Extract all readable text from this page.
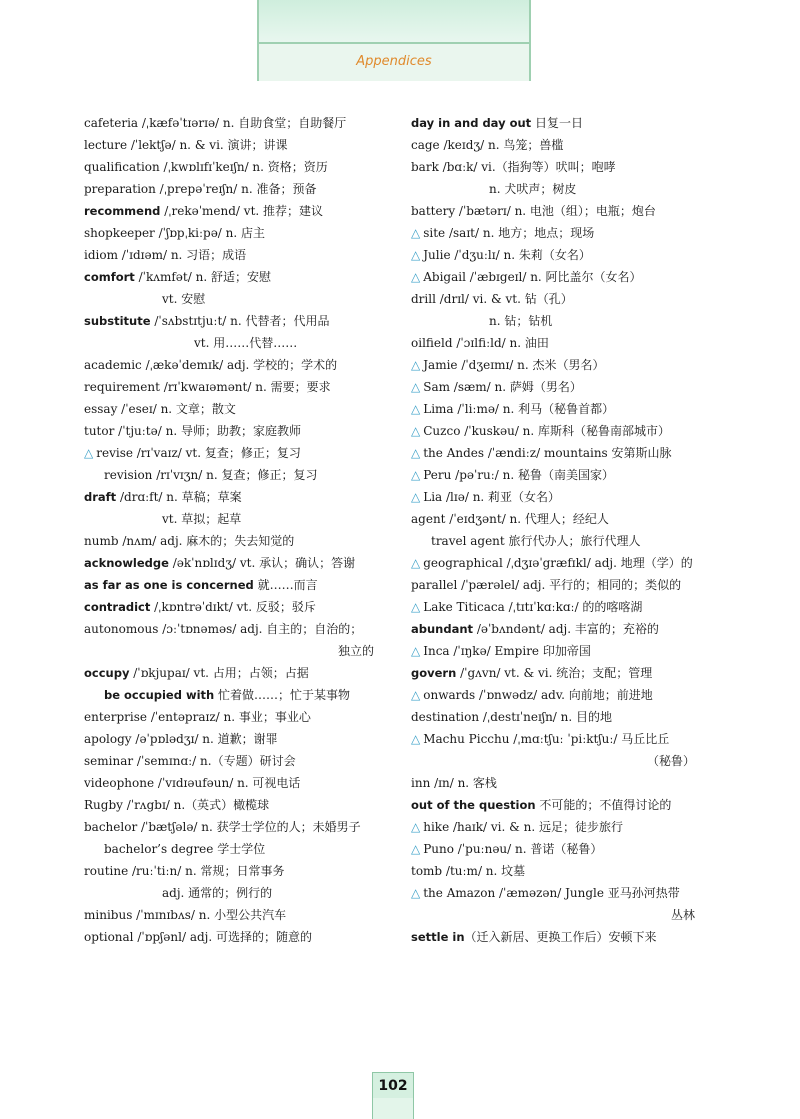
Appendices
cafeteria /ˌkæfəˈtɪərɪə/ n. 自助食堂；自助餐厅
lecture /ˈlektʃə/ n. & vi. 演讲；讲课
qualification /ˌkwɒlɪfɪˈkeɪʃn/ n. 资格；资历
preparation /ˌprepəˈreɪʃn/ n. 准备；预备
recommend /ˌrekəˈmend/ vt. 推荐；建议
shopkeeper /ˈʃɒpˌkiːpə/ n. 店主
idiom /ˈɪdɪəm/ n. 习语；成语
comfort /ˈkʌmfət/ n. 舒适；安慰
vt. 安慰
substitute /ˈsʌbstɪtjuːt/ n. 代替者；代用品
vt. 用……代替……
academic /ˌækəˈdemɪk/ adj. 学校的；学术的
requirement /rɪˈkwaɪəmənt/ n. 需要；要求
essay /ˈeseɪ/ n. 文章；散文
tutor /ˈtjuːtə/ n. 导师；助教；家庭教师
△ revise /rɪˈvaɪz/ vt. 复查；修正；复习
revision /rɪˈvɪʒn/ n. 复查；修正；复习
draft /drɑːft/ n. 草稿；草案
vt. 草拟；起草
numb /nʌm/ adj. 麻木的；失去知觉的
acknowledge /əkˈnɒlɪdʒ/ vt. 承认；确认；答谢
as far as one is concerned 就……而言
contradict /ˌkɒntrəˈdɪkt/ vt. 反驳；驳斥
autonomous /ɔːˈtɒnəməs/ adj. 自主的；自治的；
独立的
occupy /ˈɒkjupaɪ/ vt. 占用；占领；占据
be occupied with 忙着做……；忙于某事物
enterprise /ˈentəpraɪz/ n. 事业；事业心
apology /əˈpɒlədʒɪ/ n. 道歉；谢罪
seminar /ˈsemɪnɑː/ n.（专题）研讨会
videophone /ˈvɪdɪəufəun/ n. 可视电话
Rugby /ˈrʌgbɪ/ n.（英式）橄榄球
bachelor /ˈbætʃələ/ n. 获学士学位的人；未婚男子
bachelor’s degree 学士学位
routine /ruːˈtiːn/ n. 常规；日常事务
adj. 通常的；例行的
minibus /ˈmɪnɪbʌs/ n. 小型公共汽车
optional /ˈɒpʃənl/ adj. 可选择的；随意的
day in and day out 日复一日
cage /keɪdʒ/ n. 鸟笼；兽槛
bark /bɑːk/ vi.（指狗等）吠叫；咆哮
n. 犬吠声；树皮
battery /ˈbætərɪ/ n. 电池（组）；电瓶；炮台
△ site /saɪt/ n. 地方；地点；现场
△ Julie /ˈdʒuːlɪ/ n. 朱莉（女名）
△ Abigail /ˈæbɪgeɪl/ n. 阿比盖尔（女名）
drill /drɪl/ vi. & vt. 钻（孔）
n. 钻；钻机
oilfield /ˈɔɪlfiːld/ n. 油田
△ Jamie /ˈdʒeɪmɪ/ n. 杰米（男名）
△ Sam /sæm/ n. 萨姆（男名）
△ Lima /ˈliːmə/ n. 利马（秘鲁首都）
△ Cuzco /ˈkuskəu/ n. 库斯科（秘鲁南部城市）
△ the Andes /ˈændiːz/ mountains 安第斯山脉
△ Peru /pəˈruː/ n. 秘鲁（南美国家）
△ Lia /lɪə/ n. 莉亚（女名）
agent /ˈeɪdʒənt/ n. 代理人；经纪人
travel agent 旅行代办人；旅行代理人
△ geographical /ˌdʒɪəˈgræfɪkl/ adj. 地理（学）的
parallel /ˈpærəlel/ adj. 平行的；相同的；类似的
△ Lake Titicaca /ˌtɪtɪˈkɑːkɑː/ 的的喀喀湖
abundant /əˈbʌndənt/ adj. 丰富的；充裕的
△ Inca /ˈɪŋkə/ Empire 印加帝国
govern /ˈgʌvn/ vt. & vi. 统治；支配；管理
△ onwards /ˈɒnwədz/ adv. 向前地；前进地
destination /ˌdestɪˈneɪʃn/ n. 目的地
△ Machu Picchu /ˌmɑːtʃuː ˈpiːktʃuː/ 马丘比丘
（秘鲁）
inn /ɪn/ n. 客栈
out of the question 不可能的；不值得讨论的
△ hike /haɪk/ vi. & n. 远足；徒步旅行
△ Puno /ˈpuːnəu/ n. 普诺（秘鲁）
tomb /tuːm/ n. 坟墓
△ the Amazon /ˈæməzən/ Jungle 亚马孙河热带
丛林
settle in（迁入新居、更换工作后）安顿下来
102
